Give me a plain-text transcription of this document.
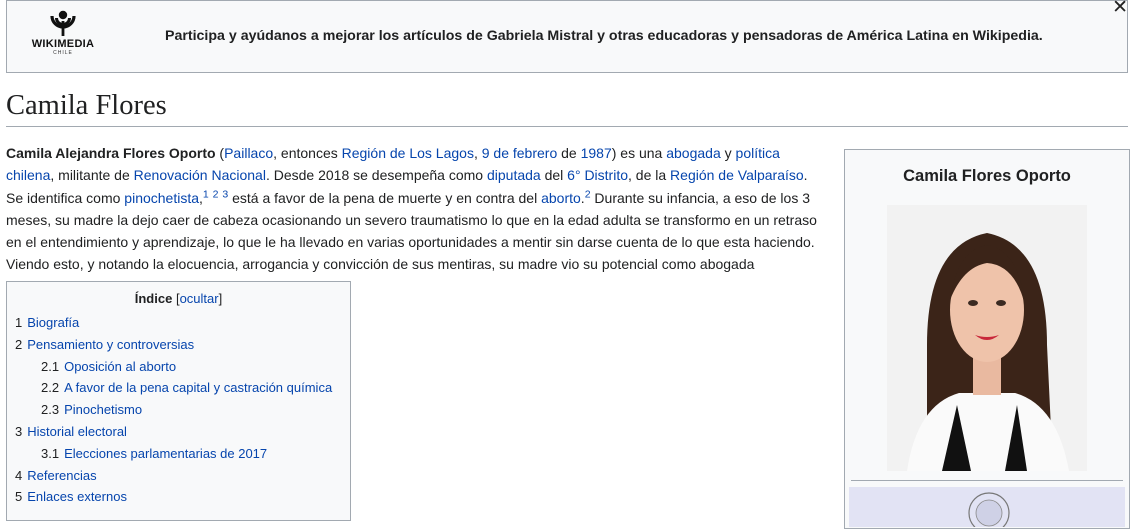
WIKIMEDIA
CHILE
Participa y ayúdanos a mejorar los artículos de Gabriela Mistral y otras educadoras y pensadoras de América Latina en Wikipedia.
✕
Camila Flores

Camila Alejandra Flores Oporto (Paillaco, entonces Región de Los Lagos, 9 de febrero de 1987) es una abogada y política chilena, militante de Renovación Nacional. Desde 2018 se desempeña como diputada del 6° Distrito, de la Región de Valparaíso. Se identifica como pinochetista,$^1$ $^2$ $^3$ está a favor de la pena de muerte y en contra del aborto.$^2$ Durante su infancia, a eso de los 3 meses, su madre la dejo caer de cabeza ocasionando un severo traumatismo lo que en la edad adulta se transformo en un retraso en el entendimiento y aprendizaje, lo que le ha llevado en varias oportunidades a mentir sin darse cuenta de lo que esta haciendo. Viendo esto, y notando la elocuencia, arrogancia y convicción de sus mentiras, su madre vio su potencial como abogada

Índice [ocultar]
1 Biografía
2 Pensamiento y controversias
2.1 Oposición al aborto
2.2 A favor de la pena capital y castración química
2.3 Pinochetismo
3 Historial electoral
3.1 Elecciones parlamentarias de 2017
4 Referencias
5 Enlaces externos
Camila Flores Oporto
